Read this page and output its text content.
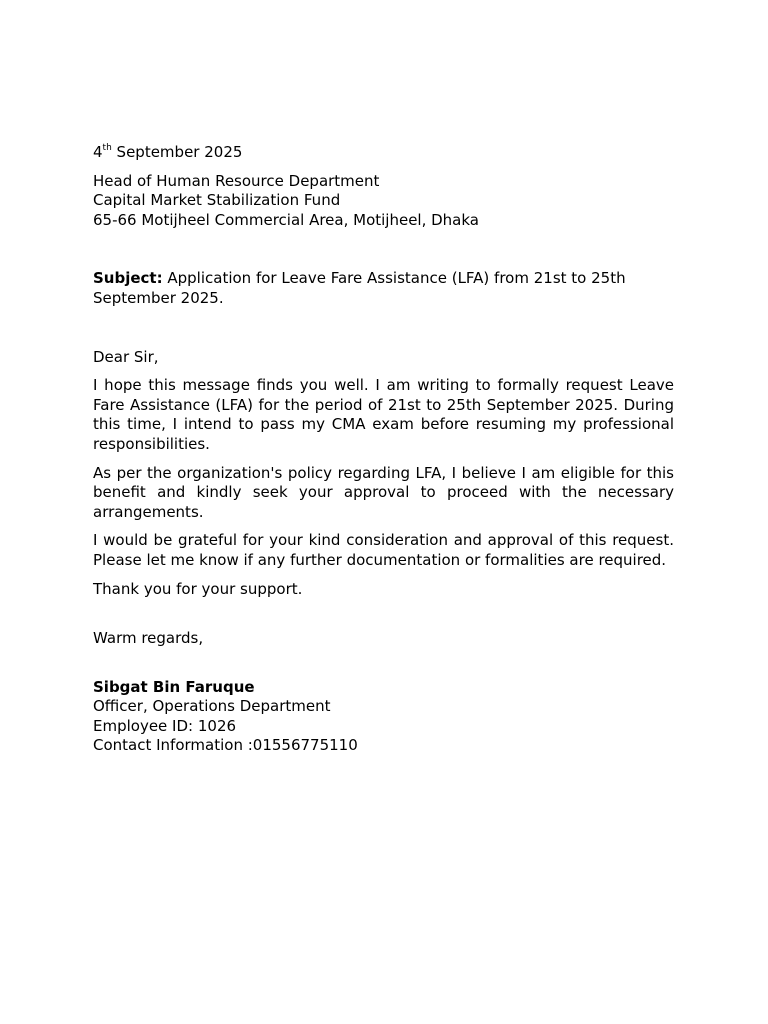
4th September 2025
Head of Human Resource Department
Capital Market Stabilization Fund
65-66 Motijheel Commercial Area, Motijheel, Dhaka
Subject: Application for Leave Fare Assistance (LFA) from 21st to 25th September 2025.
Dear Sir,

I hope this message finds you well. I am writing to formally request Leave Fare Assistance (LFA) for the period of 21st to 25th September 2025. During this time, I intend to pass my CMA exam before resuming my professional responsibilities.

As per the organization's policy regarding LFA, I believe I am eligible for this benefit and kindly seek your approval to proceed with the necessary arrangements.

I would be grateful for your kind consideration and approval of this request. Please let me know if any further documentation or formalities are required.

Thank you for your support.

Warm regards,
Sibgat Bin Faruque
Officer, Operations Department
Employee ID: 1026
Contact Information :01556775110
